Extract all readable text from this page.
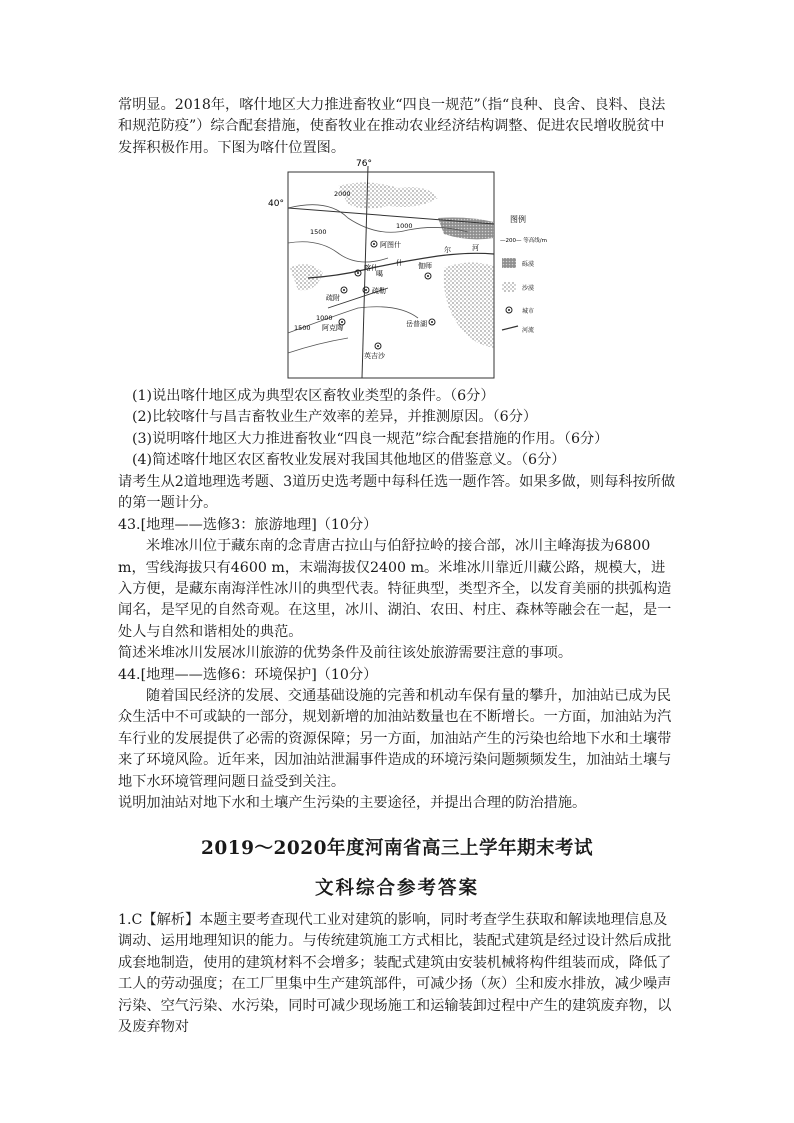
常明显。2018年，喀什地区大力推进畜牧业“四良一规范”（指“良种、良舍、良料、良法和规范防疫”）综合配套措施，使畜牧业在推动农业经济结构调整、促进农民增收脱贫中发挥积极作用。下图为喀什位置图。

76°
40°
2000
1500
1000
1500
1000
阿图什
喀什
疏附
疏勒
伽师
岳普湖
阿克陶
英吉沙
什
噶
尔	河
图例
—200— 等高线/m
砾漠
沙漠
城市
河流
(1)说出喀什地区成为典型农区畜牧业类型的条件。（6分）
(2)比较喀什与昌吉畜牧业生产效率的差异，并推测原因。（6分）
(3)说明喀什地区大力推进畜牧业“四良一规范”综合配套措施的作用。（6分）
(4)简述喀什地区农区畜牧业发展对我国其他地区的借鉴意义。（6分）
请考生从2道地理选考题、3道历史选考题中每科任选一题作答。如果多做，则每科按所做的第一题计分。
43.[地理——选修3：旅游地理]（10分）
米堆冰川位于藏东南的念青唐古拉山与伯舒拉岭的接合部，冰川主峰海拔为6800 m，雪线海拔只有4600 m，末端海拔仅2400 m。米堆冰川靠近川藏公路，规模大，进入方便，是藏东南海洋性冰川的典型代表。特征典型，类型齐全，以发育美丽的拱弧构造闻名，是罕见的自然奇观。在这里，冰川、湖泊、农田、村庄、森林等融会在一起，是一处人与自然和谐相处的典范。
简述米堆冰川发展冰川旅游的优势条件及前往该处旅游需要注意的事项。
44.[地理——选修6：环境保护]（10分）
随着国民经济的发展、交通基础设施的完善和机动车保有量的攀升，加油站已成为民众生活中不可或缺的一部分，规划新增的加油站数量也在不断增长。一方面，加油站为汽车行业的发展提供了必需的资源保障；另一方面，加油站产生的污染也给地下水和土壤带来了环境风险。近年来，因加油站泄漏事件造成的环境污染问题频频发生，加油站土壤与地下水环境管理问题日益受到关注。
说明加油站对地下水和土壤产生污染的主要途径，并提出合理的防治措施。
2019～2020年度河南省高三上学年期末考试
文科综合参考答案

1.C【解析】本题主要考查现代工业对建筑的影响，同时考查学生获取和解读地理信息及调动、运用地理知识的能力。与传统建筑施工方式相比，装配式建筑是经过设计然后成批成套地制造，使用的建筑材料不会增多；装配式建筑由安装机械将构件组装而成，降低了工人的劳动强度；在工厂里集中生产建筑部件，可减少扬（灰）尘和废水排放，减少噪声污染、空气污染、水污染，同时可减少现场施工和运输装卸过程中产生的建筑废弃物，以及废弃物对
